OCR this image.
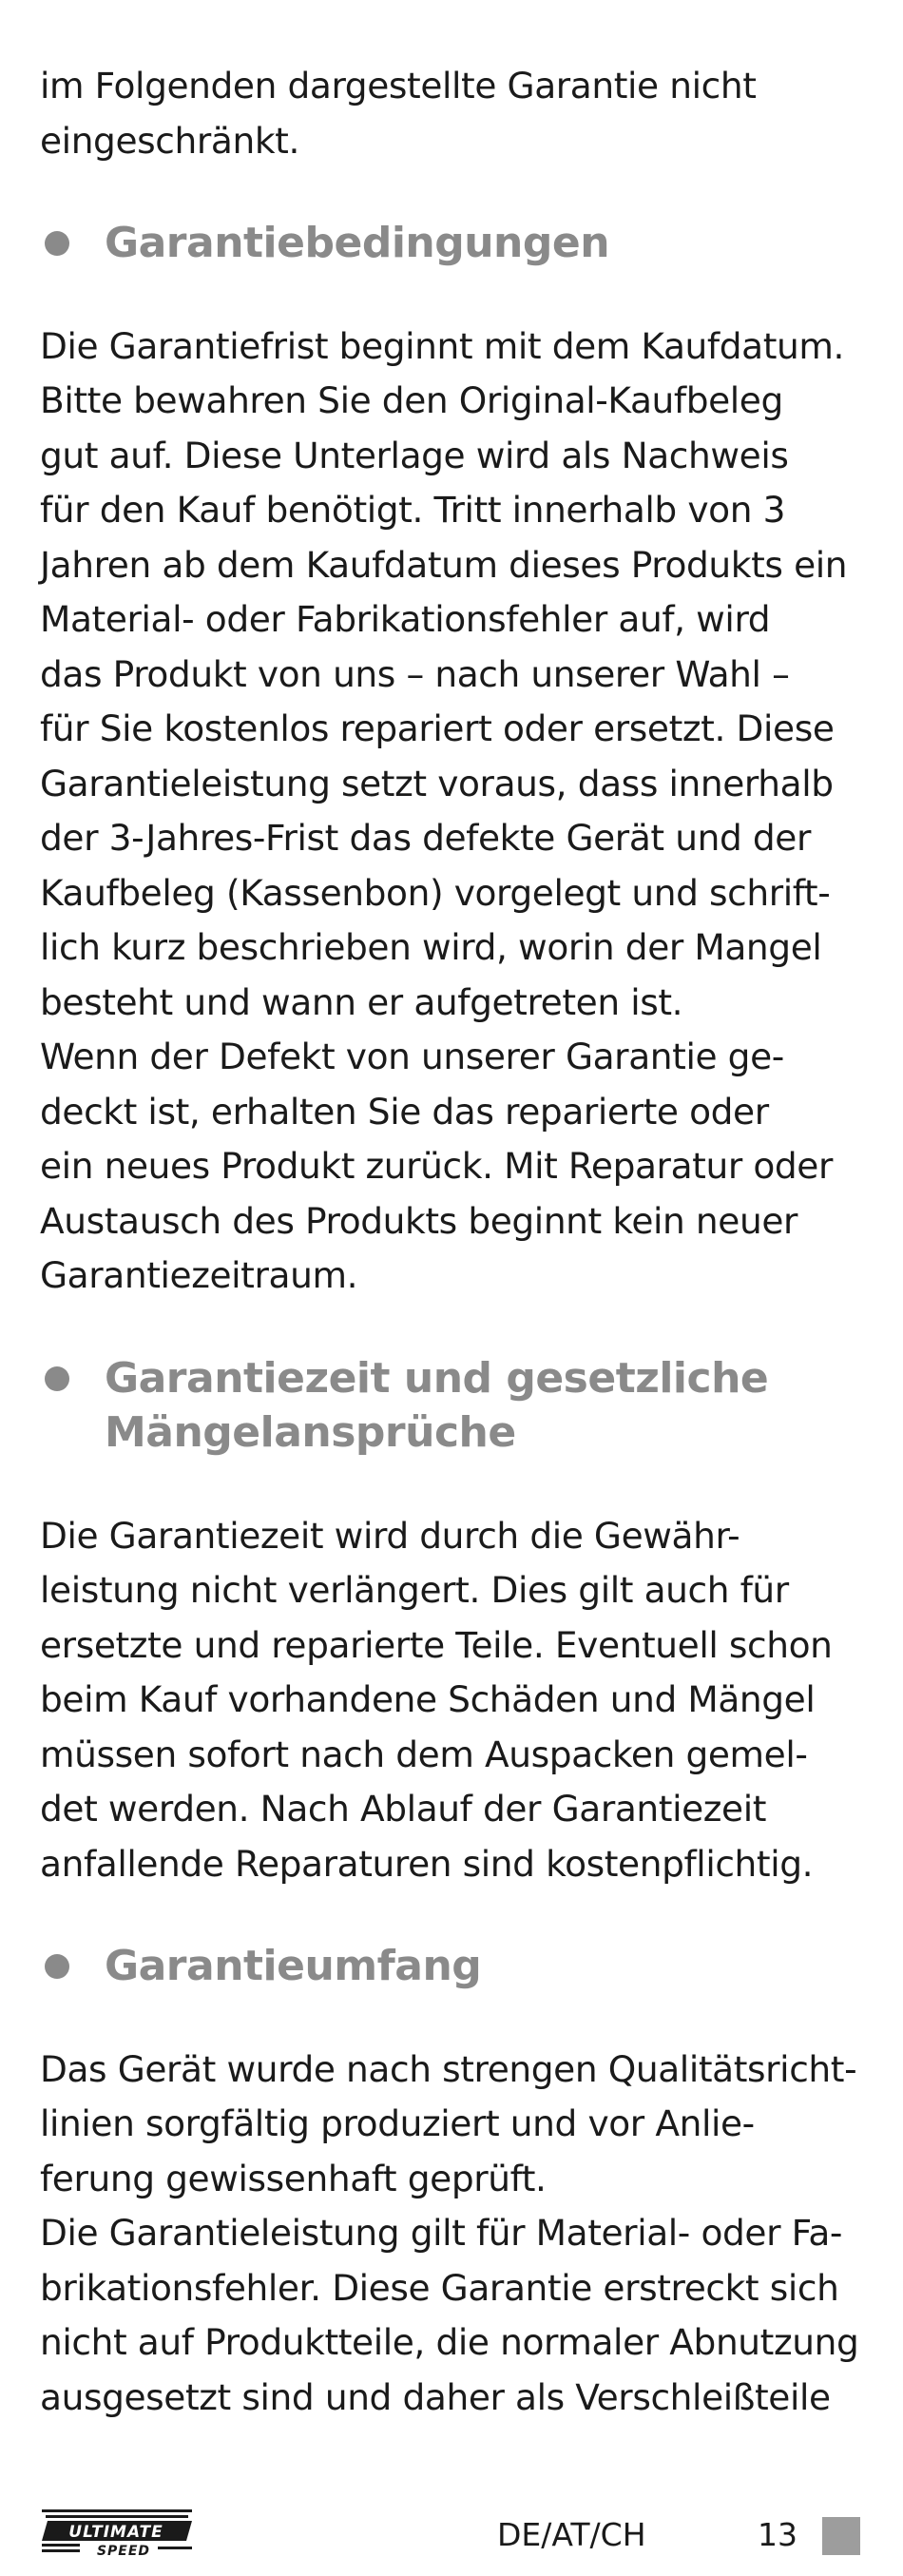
im Folgenden dargestellte Garantie nicht
eingeschränkt.

Garantiebedingungen

Die Garantiefrist beginnt mit dem Kaufdatum.
Bitte bewahren Sie den Original-Kaufbeleg
gut auf. Diese Unterlage wird als Nachweis
für den Kauf benötigt. Tritt innerhalb von 3
Jahren ab dem Kaufdatum dieses Produkts ein
Material- oder Fabrikationsfehler auf, wird
das Produkt von uns – nach unserer Wahl –
für Sie kostenlos repariert oder ersetzt. Diese
Garantieleistung setzt voraus, dass innerhalb
der 3-Jahres-Frist das defekte Gerät und der
Kaufbeleg (Kassenbon) vorgelegt und schrift-
lich kurz beschrieben wird, worin der Mangel
besteht und wann er aufgetreten ist.
Wenn der Defekt von unserer Garantie ge-
deckt ist, erhalten Sie das reparierte oder
ein neues Produkt zurück. Mit Reparatur oder
Austausch des Produkts beginnt kein neuer
Garantiezeitraum.

Garantiezeit und gesetzliche
Mängelansprüche

Die Garantiezeit wird durch die Gewähr-
leistung nicht verlängert. Dies gilt auch für
ersetzte und reparierte Teile. Eventuell schon
beim Kauf vorhandene Schäden und Mängel
müssen sofort nach dem Auspacken gemel-
det werden. Nach Ablauf der Garantiezeit
anfallende Reparaturen sind kostenpflichtig.

Garantieumfang

Das Gerät wurde nach strengen Qualitätsricht-
linien sorgfältig produziert und vor Anlie-
ferung gewissenhaft geprüft.
Die Garantieleistung gilt für Material- oder Fa-
brikationsfehler. Diese Garantie erstreckt sich
nicht auf Produktteile, die normaler Abnutzung
ausgesetzt sind und daher als Verschleißteile

ULTIMATE
SPEED	DE/AT/CH	13
